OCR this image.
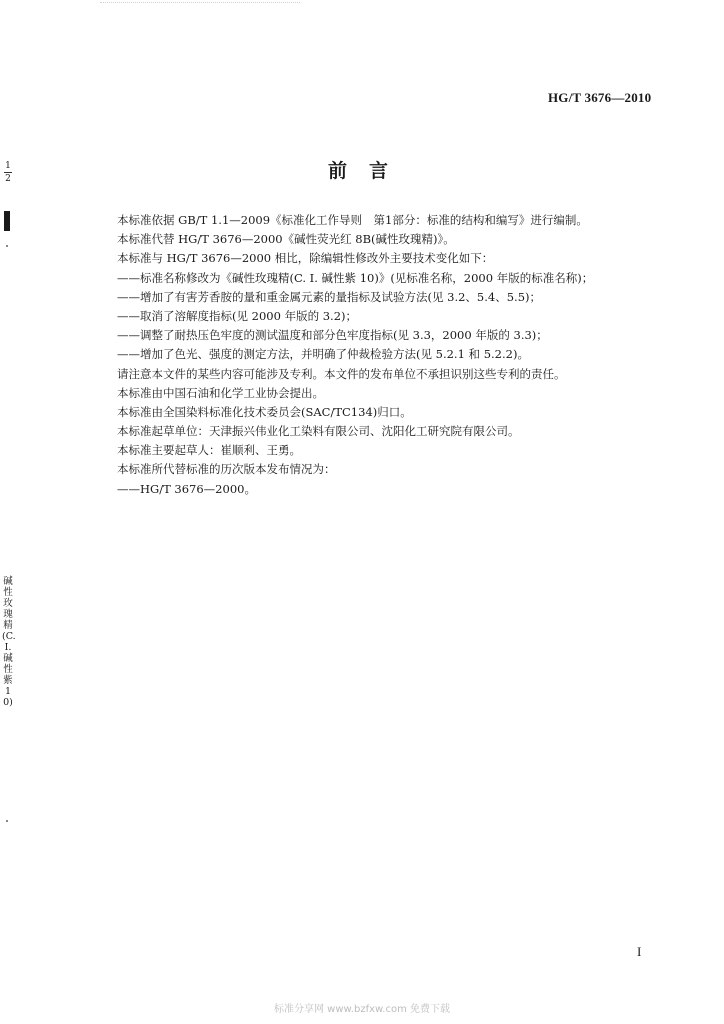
HG/T 3676—2010
前言
1
2
碱性玫瑰精(C.I.碱性紫10)
本标准依据 GB/T 1.1—2009《标准化工作导则　第1部分：标准的结构和编写》进行编制。
本标准代替 HG/T 3676—2000《碱性荧光红 8B(碱性玫瑰精)》。
本标准与 HG/T 3676—2000 相比，除编辑性修改外主要技术变化如下：
——标准名称修改为《碱性玫瑰精(C. I. 碱性紫 10)》(见标准名称，2000 年版的标准名称)；
——增加了有害芳香胺的量和重金属元素的量指标及试验方法(见 3.2、5.4、5.5)；
——取消了溶解度指标(见 2000 年版的 3.2)；
——调整了耐热压色牢度的测试温度和部分色牢度指标(见 3.3，2000 年版的 3.3)；
——增加了色光、强度的测定方法，并明确了仲裁检验方法(见 5.2.1 和 5.2.2)。
请注意本文件的某些内容可能涉及专利。本文件的发布单位不承担识别这些专利的责任。
本标准由中国石油和化学工业协会提出。
本标准由全国染料标准化技术委员会(SAC/TC134)归口。
本标准起草单位：天津振兴伟业化工染料有限公司、沈阳化工研究院有限公司。
本标准主要起草人：崔顺利、王勇。
本标准所代替标准的历次版本发布情况为：
——HG/T 3676—2000。
I
标准分享网 www.bzfxw.com 免费下载
